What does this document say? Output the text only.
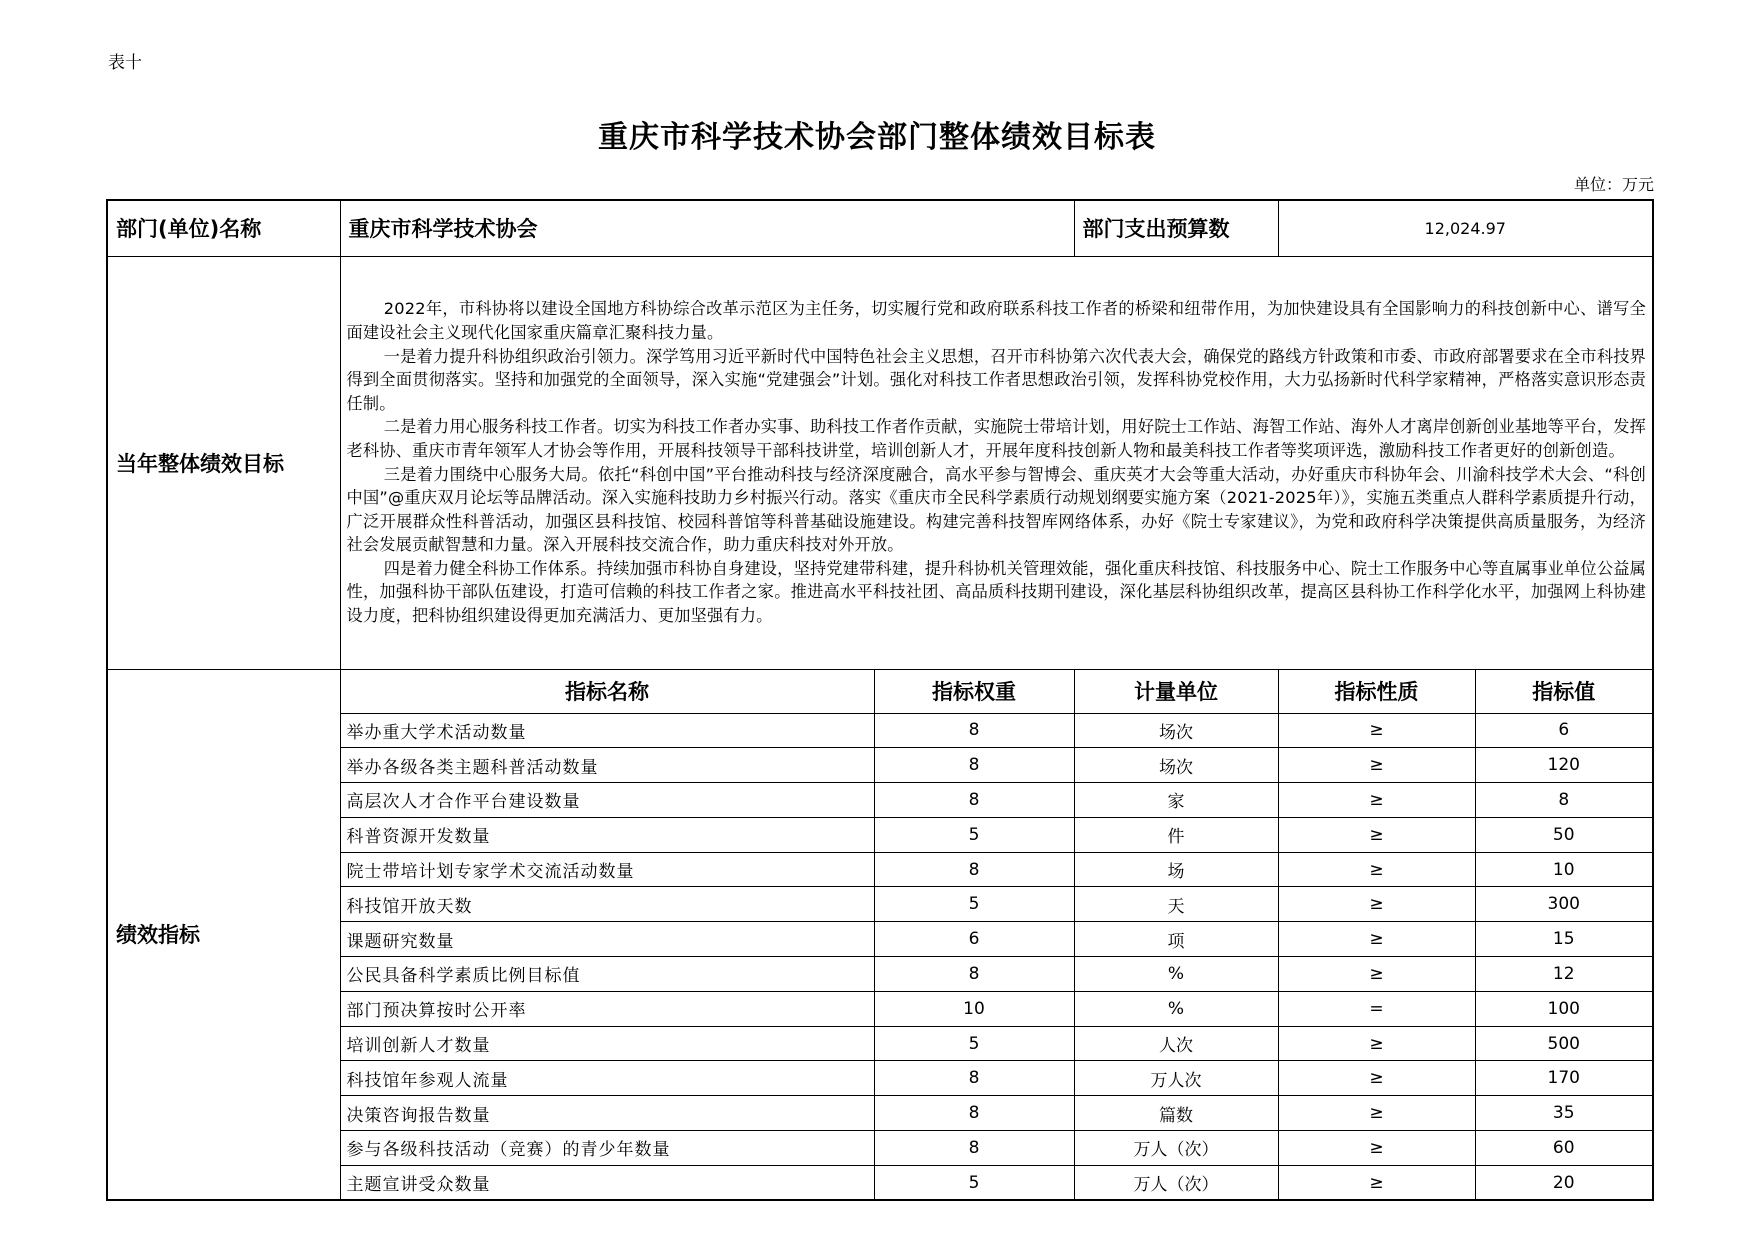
表十
重庆市科学技术协会部门整体绩效目标表
单位：万元
部门(单位)名称	重庆市科学技术协会		部门支出预算数	12,024.97	
当年整体绩效目标	2022年，市科协将以建设全国地方科协综合改革示范区为主任务，切实履行党和政府联系科技工作者的桥梁和纽带作用，为加快建设具有全国影响力的科技创新中心、谱写全面建设社会主义现代化国家重庆篇章汇聚科技力量。

一是着力提升科协组织政治引领力。深学笃用习近平新时代中国特色社会主义思想，召开市科协第六次代表大会，确保党的路线方针政策和市委、市政府部署要求在全市科技界得到全面贯彻落实。坚持和加强党的全面领导，深入实施“党建强会”计划。强化对科技工作者思想政治引领，发挥科协党校作用，大力弘扬新时代科学家精神，严格落实意识形态责任制。

二是着力用心服务科技工作者。切实为科技工作者办实事、助科技工作者作贡献，实施院士带培计划，用好院士工作站、海智工作站、海外人才离岸创新创业基地等平台，发挥老科协、重庆市青年领军人才协会等作用，开展科技领导干部科技讲堂，培训创新人才，开展年度科技创新人物和最美科技工作者等奖项评选，激励科技工作者更好的创新创造。

三是着力围绕中心服务大局。依托“科创中国”平台推动科技与经济深度融合，高水平参与智博会、重庆英才大会等重大活动，办好重庆市科协年会、川渝科技学术大会、“科创中国”@重庆双月论坛等品牌活动。深入实施科技助力乡村振兴行动。落实《重庆市全民科学素质行动规划纲要实施方案（2021-2025年）》，实施五类重点人群科学素质提升行动，广泛开展群众性科普活动，加强区县科技馆、校园科普馆等科普基础设施建设。构建完善科技智库网络体系，办好《院士专家建议》，为党和政府科学决策提供高质量服务，为经济社会发展贡献智慧和力量。深入开展科技交流合作，助力重庆科技对外开放。

四是着力健全科协工作体系。持续加强市科协自身建设，坚持党建带科建，提升科协机关管理效能，强化重庆科技馆、科技服务中心、院士工作服务中心等直属事业单位公益属性，加强科协干部队伍建设，打造可信赖的科技工作者之家。推进高水平科技社团、高品质科技期刊建设，深化基层科协组织改革，提高区县科协工作科学化水平，加强网上科协建设力度，把科协组织建设得更加充满活力、更加坚强有力。				

绩效指标	指标名称	指标权重	计量单位	指标性质	指标值
	举办重大学术活动数量	8	场次	≥	6
	举办各级各类主题科普活动数量	8	场次	≥	120
	高层次人才合作平台建设数量	8	家	≥	8
	科普资源开发数量	5	件	≥	50
	院士带培计划专家学术交流活动数量	8	场	≥	10
	科技馆开放天数	5	天	≥	300
	课题研究数量	6	项	≥	15
	公民具备科学素质比例目标值	8	%	≥	12
	部门预决算按时公开率	10	%	=	100
	培训创新人才数量	5	人次	≥	500
	科技馆年参观人流量	8	万人次	≥	170
	决策咨询报告数量	8	篇数	≥	35
	参与各级科技活动（竞赛）的青少年数量	8	万人（次）	≥	60
	主题宣讲受众数量	5	万人（次）	≥	20
